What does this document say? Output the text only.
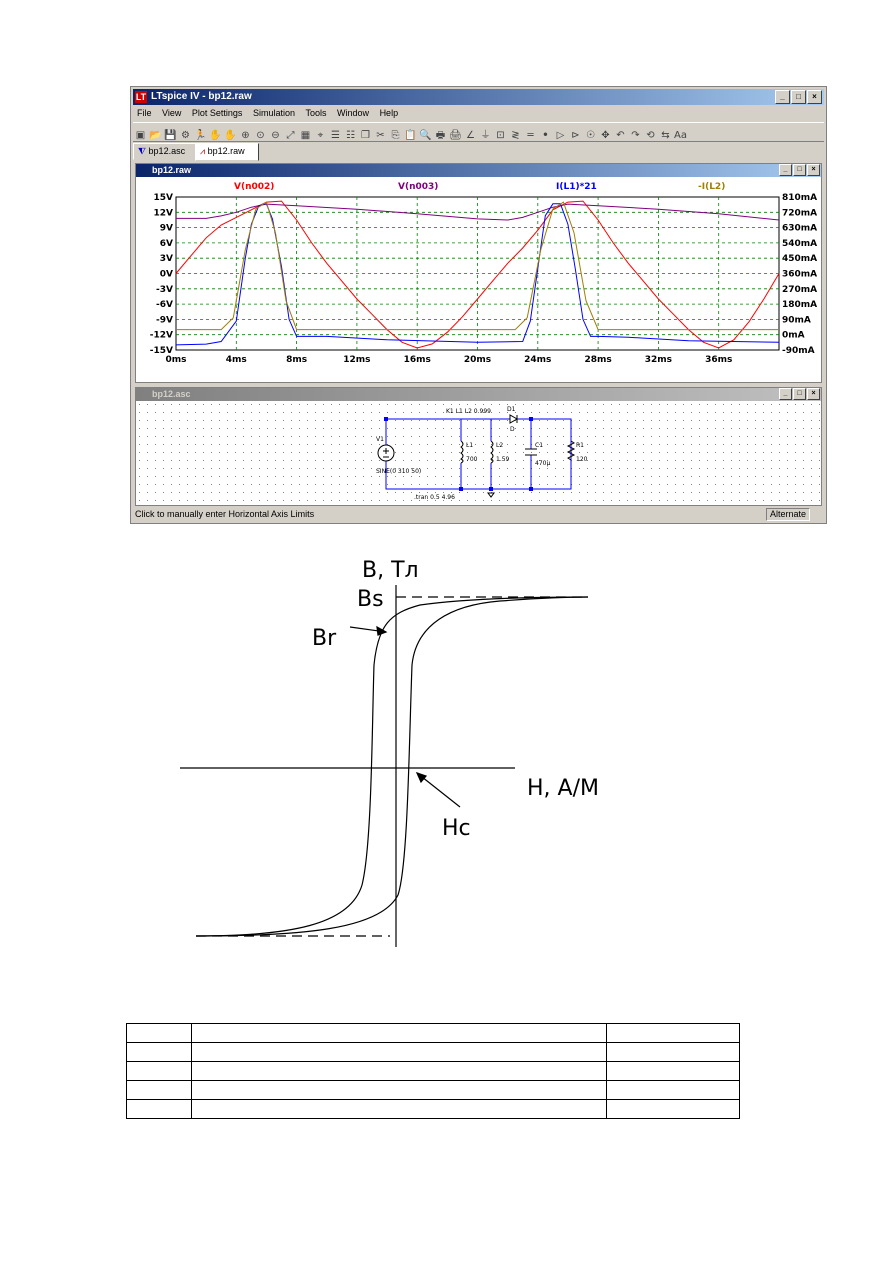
LT LTspice IV - bp12.raw	_ □ ×
File View Plot Settings Simulation Tools Window Help
▣ 📂 💾 ⚙ 🏃 ✋ ✋ ⊕ ⊙ ⊖ ⤢ ▦ ⌖ ☰ ☷ ❐ ✂ ⎘ 📋 🔍 🖶 🖨 ∠ ⏚ ⊡ ≷ ═ ꔷ ▷ ⊳ ☉ ✥ ↶ ↷ ⟲ ⇆ Aa
⧨ bp12.asc	⩘ bp12.raw
bp12.raw	_ □ ×
0ms	4ms	8ms	12ms	16ms	20ms	24ms	28ms	32ms	36ms
15V	810mA
12V	720mA
9V	630mA
6V	540mA
3V	450mA
0V	360mA
-3V	270mA
-6V	180mA
-9V	90mA
-12V	0mA
-15V	-90mA
V(n002)	V(n003)	I(L1)*21	-I(L2)
bp12.asc	_ □ ×
K1 L1 L2 0.999
V1
SINE(0 310 50)
L1
700
L2
1.59
D1
D
C1
470µ
R1
120
.tran 0.5 4.96
Click to manually enter Horizontal Axis Limits	Alternate
B, Тл
H, A/M
Bs
Br
Hc
